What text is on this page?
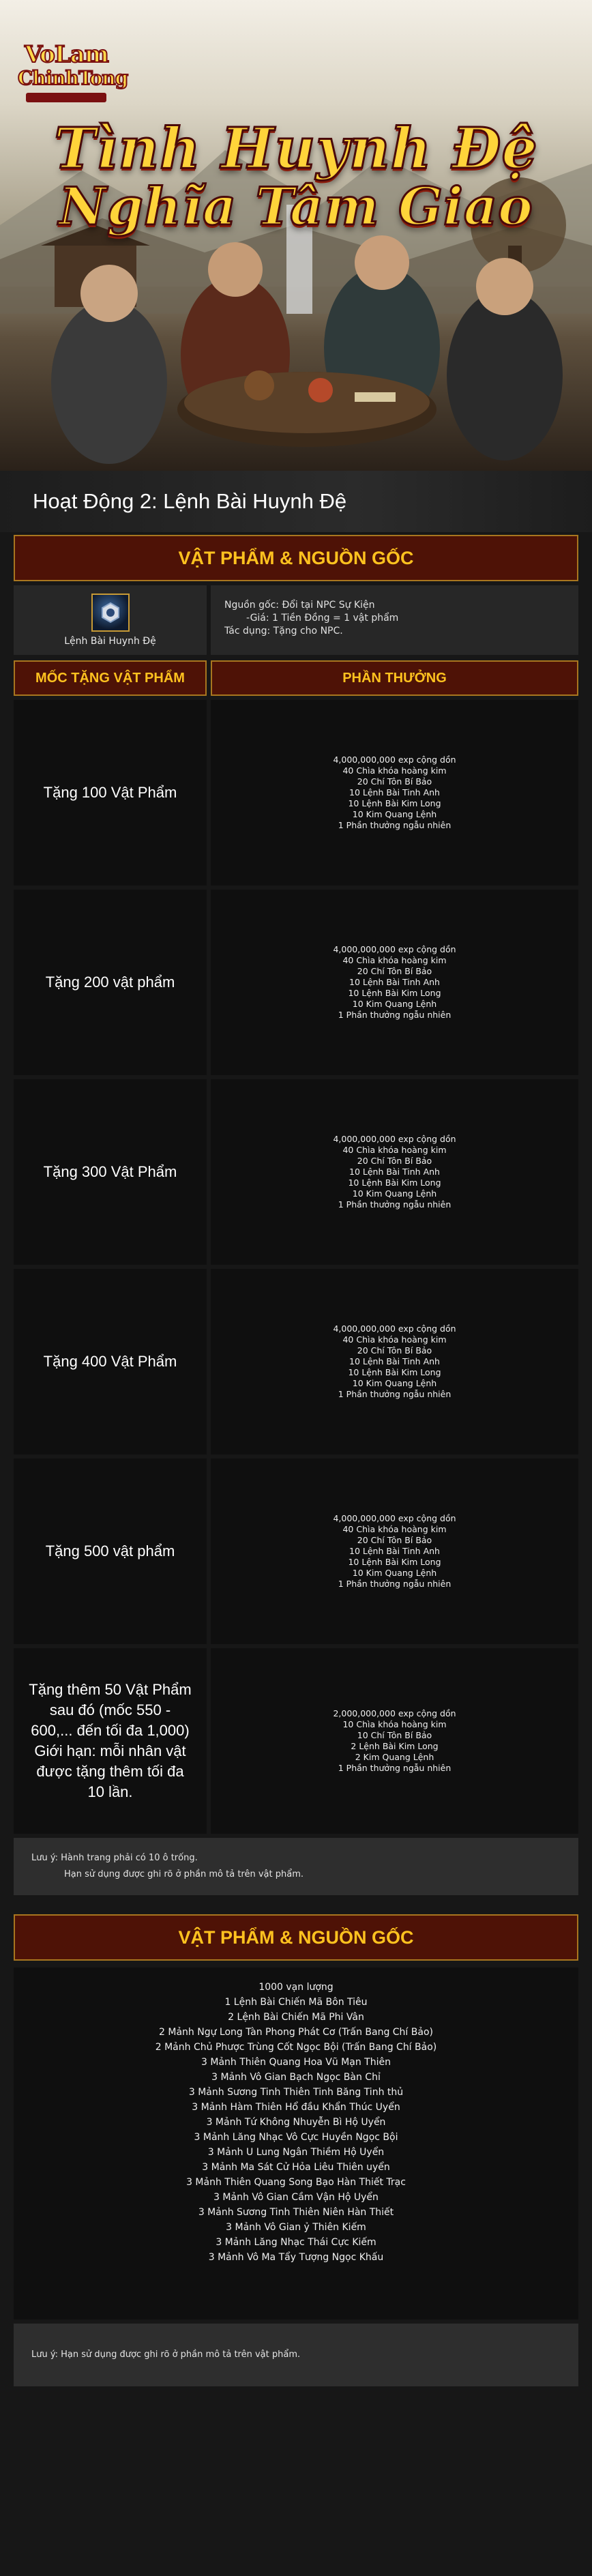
VoLam
ChinhTong
Tình Huynh Đệ
Nghĩa Tâm Giao
Hoạt Động 2: Lệnh Bài Huynh Đệ
VẬT PHẨM & NGUỒN GỐC
Lệnh Bài Huynh Đệ
Nguồn gốc: Đổi tại NPC Sự Kiện
-Giá: 1 Tiền Đồng = 1 vật phẩm
Tác dụng: Tặng cho NPC.
MỐC TẶNG VẬT PHẨM	PHẦN THƯỞNG
Tặng 100 Vật Phẩm
4,000,000,000 exp cộng dồn
40 Chìa khóa hoàng kim
20 Chí Tôn Bí Bảo
10 Lệnh Bài Tinh Anh
10 Lệnh Bài Kim Long
10 Kim Quang Lệnh
1 Phần thưởng ngẫu nhiên
Tặng 200 vật phẩm
4,000,000,000 exp cộng dồn
40 Chìa khóa hoàng kim
20 Chí Tôn Bí Bảo
10 Lệnh Bài Tinh Anh
10 Lệnh Bài Kim Long
10 Kim Quang Lệnh
1 Phần thưởng ngẫu nhiên
Tặng 300 Vật Phẩm
4,000,000,000 exp cộng dồn
40 Chìa khóa hoàng kim
20 Chí Tôn Bí Bảo
10 Lệnh Bài Tinh Anh
10 Lệnh Bài Kim Long
10 Kim Quang Lệnh
1 Phần thưởng ngẫu nhiên
Tặng 400 Vật Phẩm
4,000,000,000 exp cộng dồn
40 Chìa khóa hoàng kim
20 Chí Tôn Bí Bảo
10 Lệnh Bài Tinh Anh
10 Lệnh Bài Kim Long
10 Kim Quang Lệnh
1 Phần thưởng ngẫu nhiên
Tặng 500 vật phẩm
4,000,000,000 exp cộng dồn
40 Chìa khóa hoàng kim
20 Chí Tôn Bí Bảo
10 Lệnh Bài Tinh Anh
10 Lệnh Bài Kim Long
10 Kim Quang Lệnh
1 Phần thưởng ngẫu nhiên
Tặng thêm 50 Vật Phẩm sau đó (mốc 550 - 600,... đến tối đa 1,000) Giới hạn: mỗi nhân vật được tặng thêm tối đa 10 lần.
2,000,000,000 exp cộng dồn
10 Chìa khóa hoàng kim
10 Chí Tôn Bí Bảo
2 Lệnh Bài Kim Long
2 Kim Quang Lệnh
1 Phần thưởng ngẫu nhiên
Lưu ý: Hành trang phải có 10 ô trống.
Hạn sử dụng được ghi rõ ở phần mô tả trên vật phẩm.
VẬT PHẨM & NGUỒN GỐC
1000 vạn lượng
1 Lệnh Bài Chiến Mã Bôn Tiêu
2 Lệnh Bài Chiến Mã Phi Vân
2 Mảnh Ngự Long Tàn Phong Phát Cơ (Trấn Bang Chí Bảo)
2 Mảnh Chủ Phược Trùng Cốt Ngọc Bội (Trấn Bang Chí Bảo)
3 Mảnh Thiên Quang Hoa Vũ Mạn Thiên
3 Mảnh Vô Gian Bạch Ngọc Bàn Chỉ
3 Mảnh Sương Tinh Thiên Tinh Băng Tinh thủ
3 Mảnh Hàm Thiên Hổ đầu Khẩn Thúc Uyển
3 Mảnh Tứ Không Nhuyễn Bì Hộ Uyển
3 Mảnh Lăng Nhạc Vô Cực Huyền Ngọc Bội
3 Mảnh U Lung Ngân Thiềm Hộ Uyển
3 Mảnh Ma Sát Cử Hỏa Liêu Thiên uyển
3 Mảnh Thiên Quang Song Bạo Hàn Thiết Trạc
3 Mảnh Vô Gian Cầm Vận Hộ Uyển
3 Mảnh Sương Tinh Thiên Niên Hàn Thiết
3 Mảnh Vô Gian ỷ Thiên Kiếm
3 Mảnh Lăng Nhạc Thái Cực Kiếm
3 Mảnh Vô Ma Tẩy Tượng Ngọc Khấu
Lưu ý: Hạn sử dụng được ghi rõ ở phần mô tả trên vật phẩm.
